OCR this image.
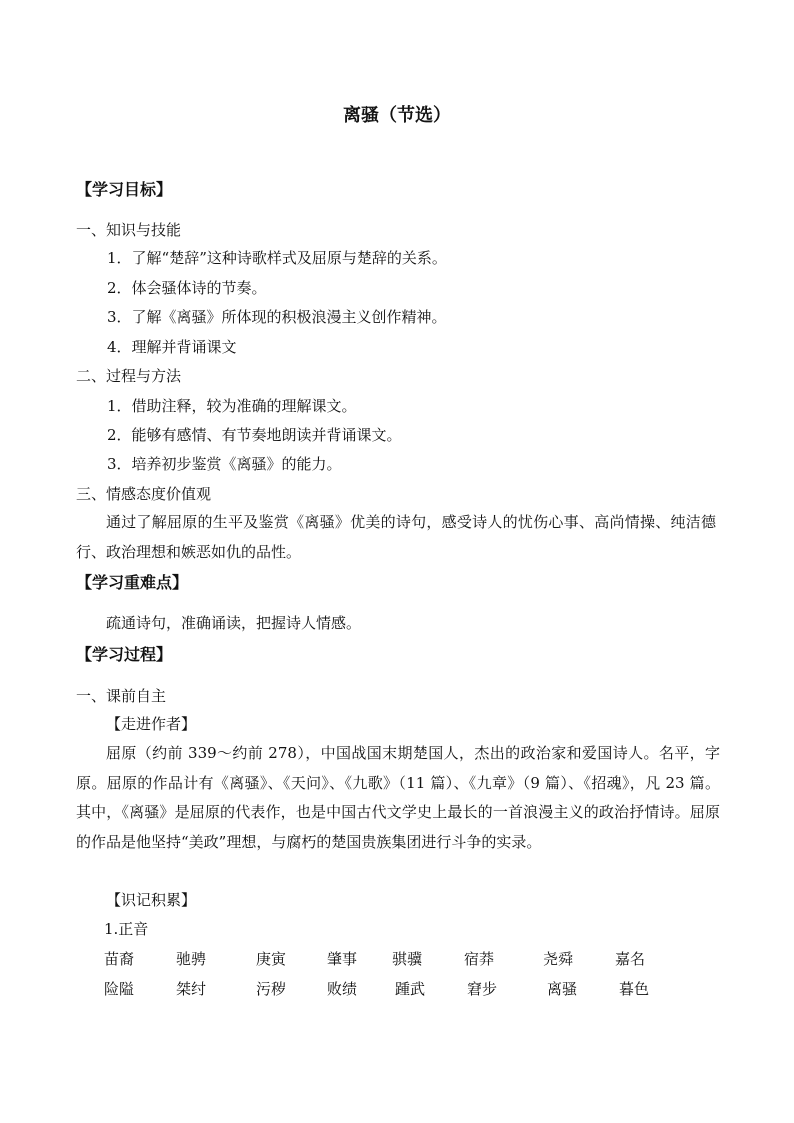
离骚（节选）
【学习目标】
一、知识与技能
1．了解“楚辞”这种诗歌样式及屈原与楚辞的关系。
2．体会骚体诗的节奏。
3．了解《离骚》所体现的积极浪漫主义创作精神。
4．理解并背诵课文
二、过程与方法
1．借助注释，较为准确的理解课文。
2．能够有感情、有节奏地朗读并背诵课文。
3．培养初步鉴赏《离骚》的能力。
三、情感态度价值观
通过了解屈原的生平及鉴赏《离骚》优美的诗句，感受诗人的忧伤心事、高尚情操、纯洁德行、政治理想和嫉恶如仇的品性。
【学习重难点】
疏通诗句，准确诵读，把握诗人情感。
【学习过程】
一、课前自主
【走进作者】
屈原（约前 339～约前 278），中国战国末期楚国人，杰出的政治家和爱国诗人。名平，字原。屈原的作品计有《离骚》、《天问》、《九歌》（11 篇）、《九章》（9 篇）、《招魂》，凡 23 篇。其中，《离骚》是屈原的代表作，也是中国古代文学史上最长的一首浪漫主义的政治抒情诗。屈原的作品是他坚持“美政”理想，与腐朽的楚国贵族集团进行斗争的实录。
【识记积累】
1.正音
苗裔	驰骋	庚寅	肇事 骐骥	宿莽	尧舜	嘉名
险隘	桀纣	污秽	败绩	踵武	窘步	离骚	暮色
